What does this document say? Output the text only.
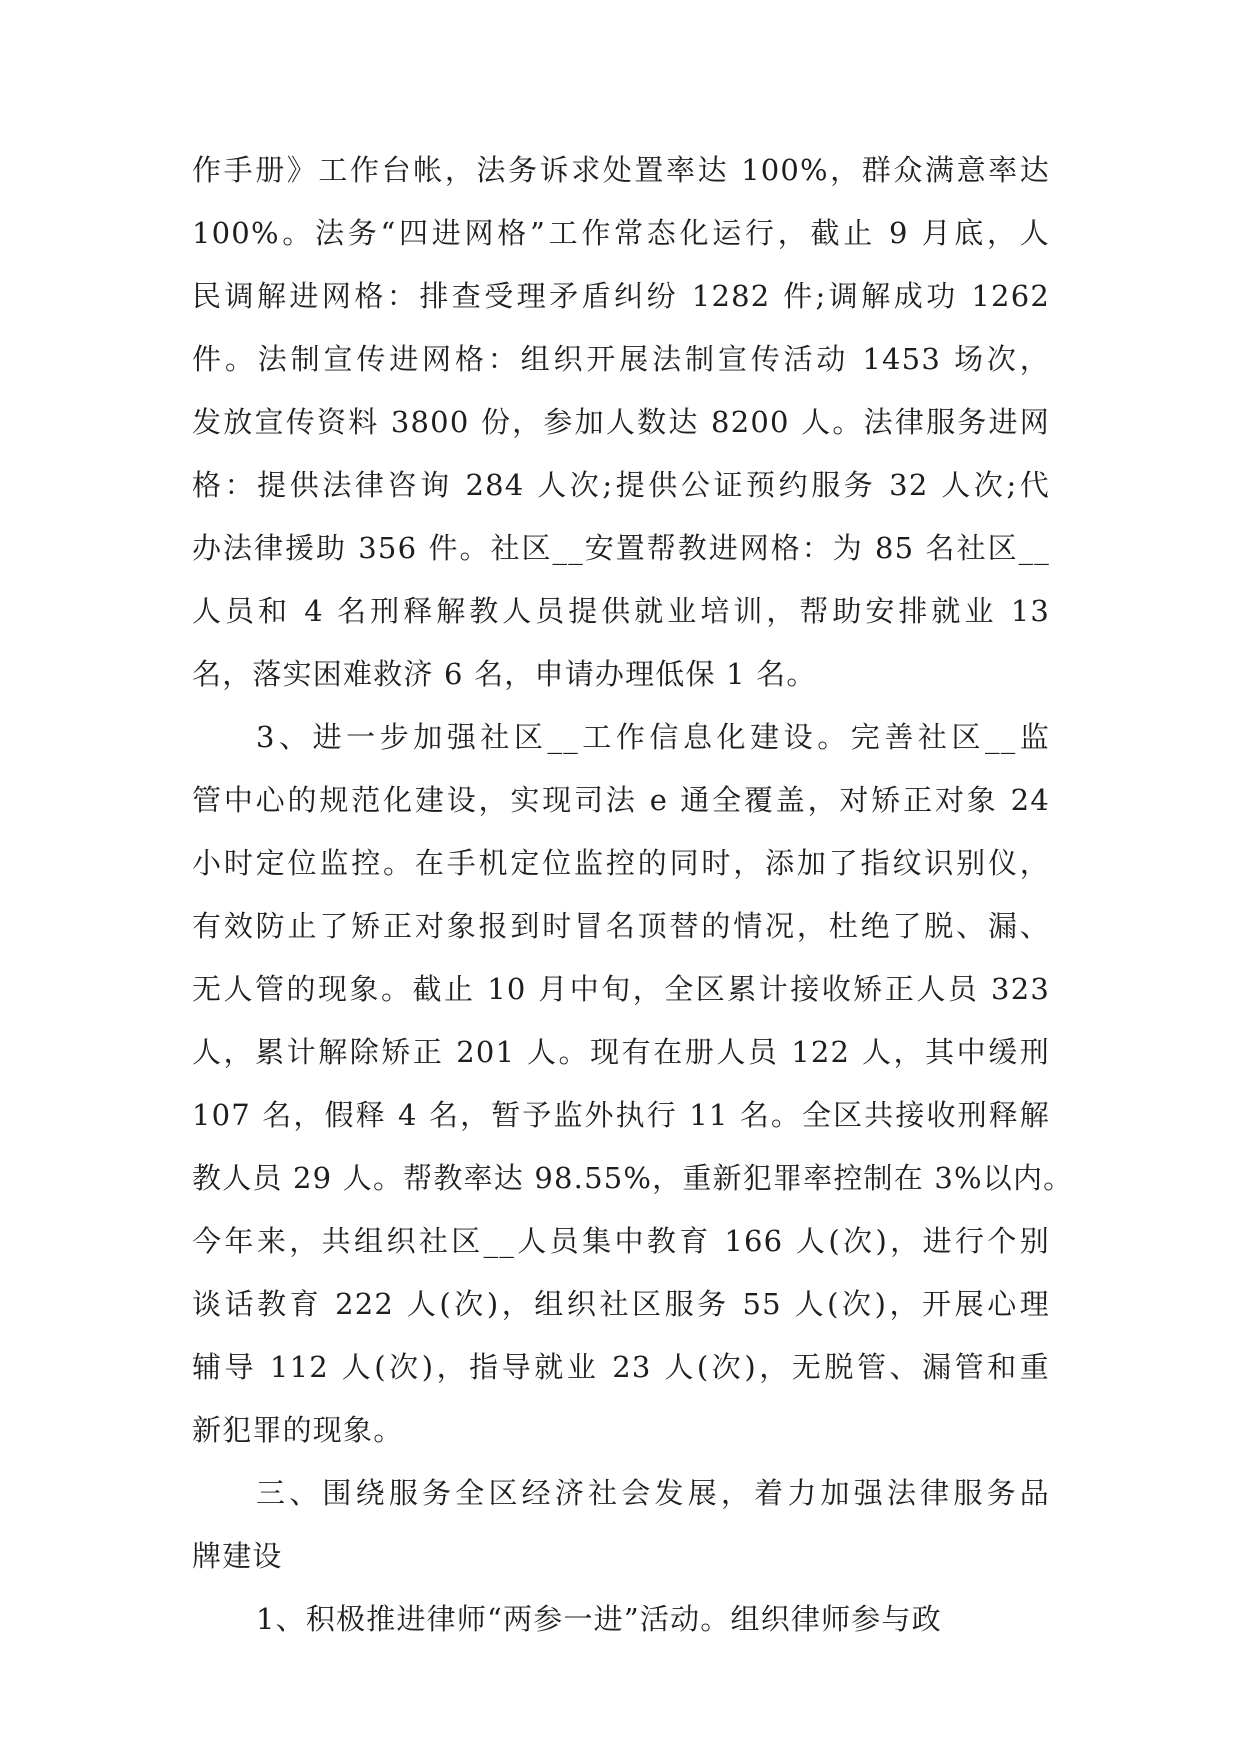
作手册》工作台帐，法务诉求处置率达 100%，群众满意率达
100%。法务“四进网格”工作常态化运行，截止 9 月底，人
民调解进网格：排查受理矛盾纠纷 1282 件;调解成功 1262
件。法制宣传进网格：组织开展法制宣传活动 1453 场次，
发放宣传资料 3800 份，参加人数达 8200 人。法律服务进网
格：提供法律咨询 284 人次;提供公证预约服务 32 人次;代
办法律援助 356 件。社区__安置帮教进网格：为 85 名社区__
人员和 4 名刑释解教人员提供就业培训，帮助安排就业 13
名，落实困难救济 6 名，申请办理低保 1 名。
3、进一步加强社区__工作信息化建设。完善社区__监
管中心的规范化建设，实现司法 e 通全覆盖，对矫正对象 24
小时定位监控。在手机定位监控的同时，添加了指纹识别仪，
有效防止了矫正对象报到时冒名顶替的情况，杜绝了脱、漏、
无人管的现象。截止 10 月中旬，全区累计接收矫正人员 323
人，累计解除矫正 201 人。现有在册人员 122 人，其中缓刑
107 名，假释 4 名，暂予监外执行 11 名。全区共接收刑释解
教人员 29 人。帮教率达 98.55%，重新犯罪率控制在 3%以内。
今年来，共组织社区__人员集中教育 166 人(次)，进行个别
谈话教育 222 人(次)，组织社区服务 55 人(次)，开展心理
辅导 112 人(次)，指导就业 23 人(次)，无脱管、漏管和重
新犯罪的现象。
三、围绕服务全区经济社会发展，着力加强法律服务品
牌建设
1、积极推进律师“两参一进”活动。组织律师参与政
